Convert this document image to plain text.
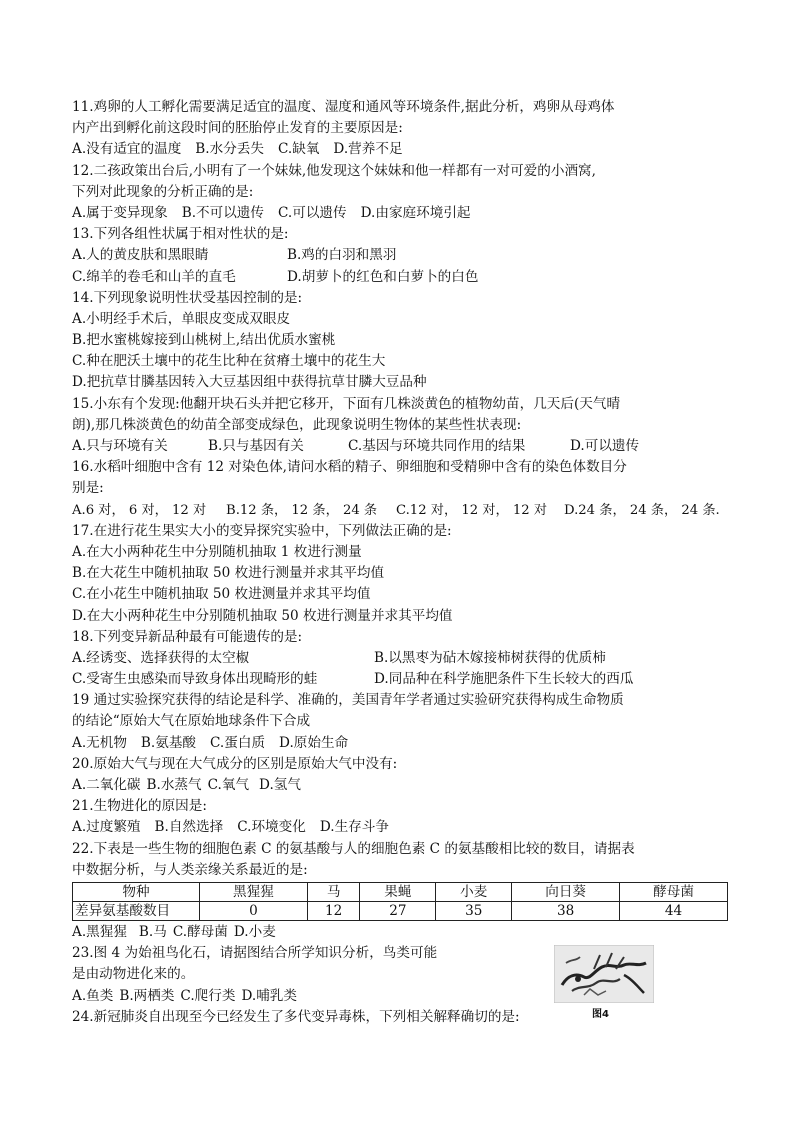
11.鸡卵的人工孵化需要满足适宜的温度、湿度和通风等环境条件,据此分析，鸡卵从母鸡体
内产出到孵化前这段时间的胚胎停止发育的主要原因是:
A.没有适宜的温度 B.水分丢失 C.缺氧 D.营养不足
12.二孩政策出台后,小明有了一个妹妹,他发现这个妹妹和他一样都有一对可爱的小酒窝,
下列对此现象的分析正确的是:
A.属于变异现象 B.不可以遗传 C.可以遗传 D.由家庭环境引起
13.下列各组性状属于相对性状的是:
A.人的黄皮肤和黑眼睛	B.鸡的白羽和黑羽
C.绵羊的卷毛和山羊的直毛	D.胡萝卜的红色和白萝卜的白色
14.下列现象说明性状受基因控制的是:
A.小明经手术后，单眼皮变成双眼皮
B.把水蜜桃嫁接到山桃树上,结出优质水蜜桃
C.种在肥沃土壤中的花生比种在贫瘠土壤中的花生大
D.把抗草甘膦基因转入大豆基因组中获得抗草甘膦大豆品种
15.小东有个发现:他翻开块石头并把它移开，下面有几株淡黄色的植物幼苗，几天后(天气晴
朗),那几株淡黄色的幼苗全部变成绿色，此现象说明生物体的某些性状表现:
A.只与环境有关	B.只与基因有关	C.基因与环境共同作用的结果	D.可以遗传
16.水稻叶细胞中含有 12 对染色体,请问水稻的精子、卵细胞和受精卵中含有的染色体数目分
别是:
A.6 对， 6 对， 12 对 B.12 条， 12 条， 24 条 C.12 对， 12 对， 12 对 D.24 条， 24 条， 24 条.
17.在进行花生果实大小的变异探究实验中，下列做法正确的是:
A.在大小两种花生中分别随机抽取 1 枚进行测量
B.在大花生中随机抽取 50 枚进行测量并求其平均值
C.在小花生中随机抽取 50 枚进测量并求其平均值
D.在大小两种花生中分别随机抽取 50 枚进行测量并求其平均值
18.下列变异新品种最有可能遗传的是:
A.经诱变、选择获得的太空椒	B.以黑枣为砧木嫁接柿树获得的优质柿
C.受寄生虫感染而导致身体出现畸形的蛙	D.同品种在科学施肥条件下生长较大的西瓜
19 通过实验探究获得的结论是科学、准确的，美国青年学者通过实验研究获得构成生命物质
的结论“原始大气在原始地球条件下合成
A.无机物 B.氨基酸 C.蛋白质 D.原始生命
20.原始大气与现在大气成分的区别是原始大气中没有:
A.二氧化碳 B.水蒸气 C.氧气 D.氢气
21.生物进化的原因是:
A.过度繁殖 B.自然选择 C.环境变化 D.生存斗争
22.下表是一些生物的细胞色素 C 的氨基酸与人的细胞色素 C 的氨基酸相比较的数目，请据表
中数据分析，与人类亲缘关系最近的是:
物种	黑猩猩	马	果蝇	小麦	向日葵	酵母菌
差异氨基酸数目	0	12	27	35	38	44
A.黑猩猩 B.马 C.酵母菌 D.小麦
23.图 4 为始祖鸟化石，请据图结合所学知识分析，鸟类可能
是由动物进化来的。
A.鱼类 B.两栖类 C.爬行类 D.哺乳类
图4
24.新冠肺炎自出现至今已经发生了多代变异毒株，下列相关解释确切的是:
